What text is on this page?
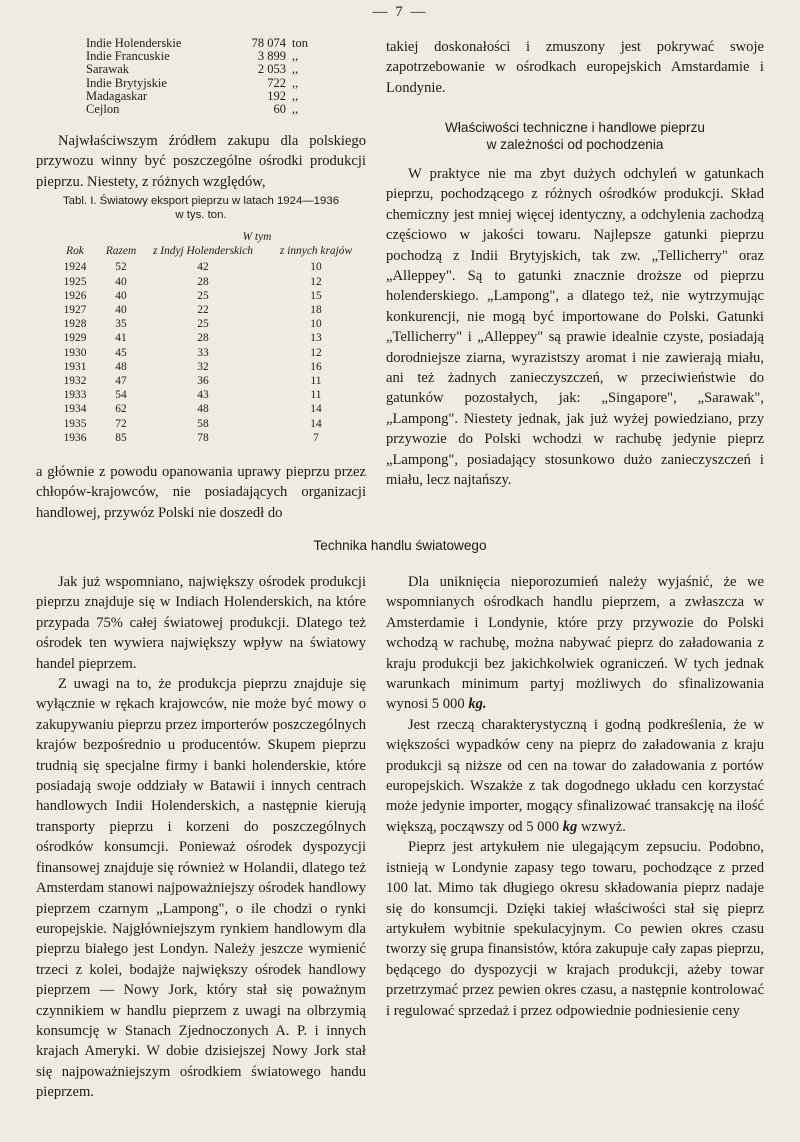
— 7 —
Indie Holenderskie	78 074	ton
Indie Francuskie	3 899	,,
Sarawak	2 053	,,
Indie Brytyjskie	722	,,
Madagaskar	192	,,
Cejlon	60	,,

Najwłaściwszym źródłem zakupu dla polskiego przywozu winny być poszczególne ośrodki produkcji pieprzu. Niestety, z różnych względów,

Tabl. I. Światowy eksport pieprzu w latach 1924—1936
w tys. ton.
Rok	Razem	W tym	
		z Indyj Holenderskich	z innych krajów
1924	52	42	10
1925	40	28	12
1926	40	25	15
1927	40	22	18
1928	35	25	10
1929	41	28	13
1930	45	33	12
1931	48	32	16
1932	47	36	11
1933	54	43	11
1934	62	48	14
1935	72	58	14
1936	85	78	7

a głównie z powodu opanowania uprawy pieprzu przez chłopów-krajowców, nie posiadających organizacji handlowej, przywóz Polski nie doszedł do

takiej doskonałości i zmuszony jest pokrywać swoje zapotrzebowanie w ośrodkach europejskich Amstardamie i Londynie.

Właściwości techniczne i handlowe pieprzu
w zależności od pochodzenia

W praktyce nie ma zbyt dużych odchyleń w gatunkach pieprzu, pochodzącego z różnych ośrodków produkcji. Skład chemiczny jest mniej więcej identyczny, a odchylenia zachodzą częściowo w jakości towaru. Najlepsze gatunki pieprzu pochodzą z Indii Brytyjskich, tak zw. „Tellicherry" oraz „Alleppey". Są to gatunki znacznie droższe od pieprzu holenderskiego. „Lampong", a dlatego też, nie wytrzymując konkurencji, nie mogą być importowane do Polski. Gatunki „Tellicherry" i „Alleppey" są prawie idealnie czyste, posiadają dorodniejsze ziarna, wyrazistszy aromat i nie zawierają miału, ani też żadnych zanieczyszczeń, w przeciwieństwie do gatunków pozostałych, jak: „Singapore", „Sarawak", „Lampong". Niestety jednak, jak już wyżej powiedziano, przy przywozie do Polski wchodzi w rachubę jedynie pieprz „Lampong", posiadający stosunkowo dużo zanieczyszczeń i miału, lecz najtańszy.

Technika handlu światowego

Jak już wspomniano, największy ośrodek produkcji pieprzu znajduje się w Indiach Holenderskich, na które przypada 75% całej światowej produkcji. Dlatego też ośrodek ten wywiera największy wpływ na światowy handel pieprzem.

Z uwagi na to, że produkcja pieprzu znajduje się wyłącznie w rękach krajowców, nie może być mowy o zakupywaniu pieprzu przez importerów poszczególnych krajów bezpośrednio u producentów. Skupem pieprzu trudnią się specjalne firmy i banki holenderskie, które posiadają swoje oddziały w Batawii i innych centrach handlowych Indii Holenderskich, a następnie kierują transporty pieprzu i korzeni do poszczególnych ośrodków konsumcji. Ponieważ ośrodek dyspozycji finansowej znajduje się również w Holandii, dlatego też Amsterdam stanowi najpoważniejszy ośrodek handlowy pieprzem czarnym „Lampong", o ile chodzi o rynki europejskie. Najgłówniejszym rynkiem handlowym dla pieprzu białego jest Londyn. Należy jeszcze wymienić trzeci z kolei, bodajże największy ośrodek handlowy pieprzem — Nowy Jork, który stał się poważnym czynnikiem w handlu pieprzem z uwagi na olbrzymią konsumcję w Stanach Zjednoczonych A. P. i innych krajach Ameryki. W dobie dzisiejszej Nowy Jork stał się najpoważniejszym ośrodkiem światowego handu pieprzem.

Dla uniknięcia nieporozumień należy wyjaśnić, że we wspomnianych ośrodkach handlu pieprzem, a zwłaszcza w Amsterdamie i Londynie, które przy przywozie do Polski wchodzą w rachubę, można nabywać pieprz do załadowania z kraju produkcji bez jakichkolwiek ograniczeń. W tych jednak warunkach minimum partyj możliwych do sfinalizowania wynosi 5 000 kg.

Jest rzeczą charakterystyczną i godną podkreślenia, że w większości wypadków ceny na pieprz do załadowania z kraju produkcji są niższe od cen na towar do załadowania z portów europejskich. Wszakże z tak dogodnego układu cen korzystać może jedynie importer, mogący sfinalizować transakcję na ilość większą, począwszy od 5 000 kg wzwyż.

Pieprz jest artykułem nie ulegającym zepsuciu. Podobno, istnieją w Londynie zapasy tego towaru, pochodzące z przed 100 lat. Mimo tak długiego okresu składowania pieprz nadaje się do konsumcji. Dzięki takiej właściwości stał się pieprz artykułem wybitnie spekulacyjnym. Co pewien okres czasu tworzy się grupa finansistów, która zakupuje cały zapas pieprzu, będącego do dyspozycji w krajach produkcji, ażeby towar przetrzymać przez pewien okres czasu, a następnie kontrolować i regulować sprzedaż i przez odpowiednie podniesienie ceny
